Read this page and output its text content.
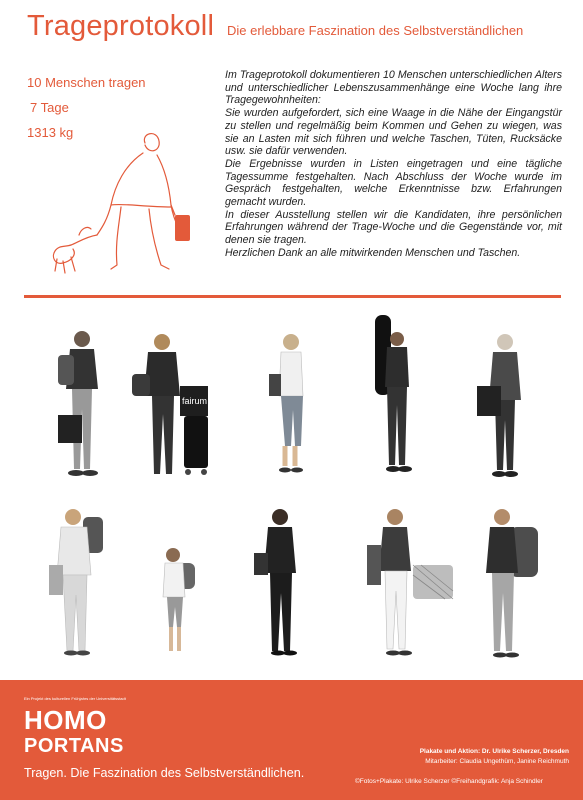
Trageprotokoll Die erlebbare Faszination des Selbstverständlichen
10 Menschen tragen
7 Tage
1313 kg

Im Trageprotokoll dokumentieren 10 Menschen unterschiedlichen Alters und unterschiedlicher Lebenszusammenhänge eine Woche lang ihre Tragegewohnheiten:

Sie wurden aufgefordert, sich eine Waage in die Nähe der Eingangstür zu stellen und regelmäßig beim Kommen und Gehen zu wiegen, was sie an Lasten mit sich führen und welche Taschen, Tüten, Rucksäcke usw. sie dafür verwenden.

Die Ergebnisse wurden in Listen eingetragen und eine tägliche Tagessumme festgehalten. Nach Abschluss der Woche wurde im Gespräch festgehalten, welche Erkenntnisse bzw. Erfahrungen gemacht wurden.

In dieser Ausstellung stellen wir die Kandidaten, ihre persönlichen Erfahrungen während der Trage-Woche und die Gegenstände vor, mit denen sie tragen.

Herzlichen Dank an alle mitwirkenden Menschen und Taschen.

fairum
Ein Projekt des kulturellen Frühjahrs der Universitätsstadt
HOMO
PORTANS
Tragen. Die Faszination des Selbstverständlichen.
Plakate und Aktion: Dr. Ulrike Scherzer, Dresden
Mitarbeiter: Claudia Ungethüm, Janine Reichmuth
©Fotos+Plakate: Ulrike Scherzer ©Freihandgrafik: Anja Schindler
